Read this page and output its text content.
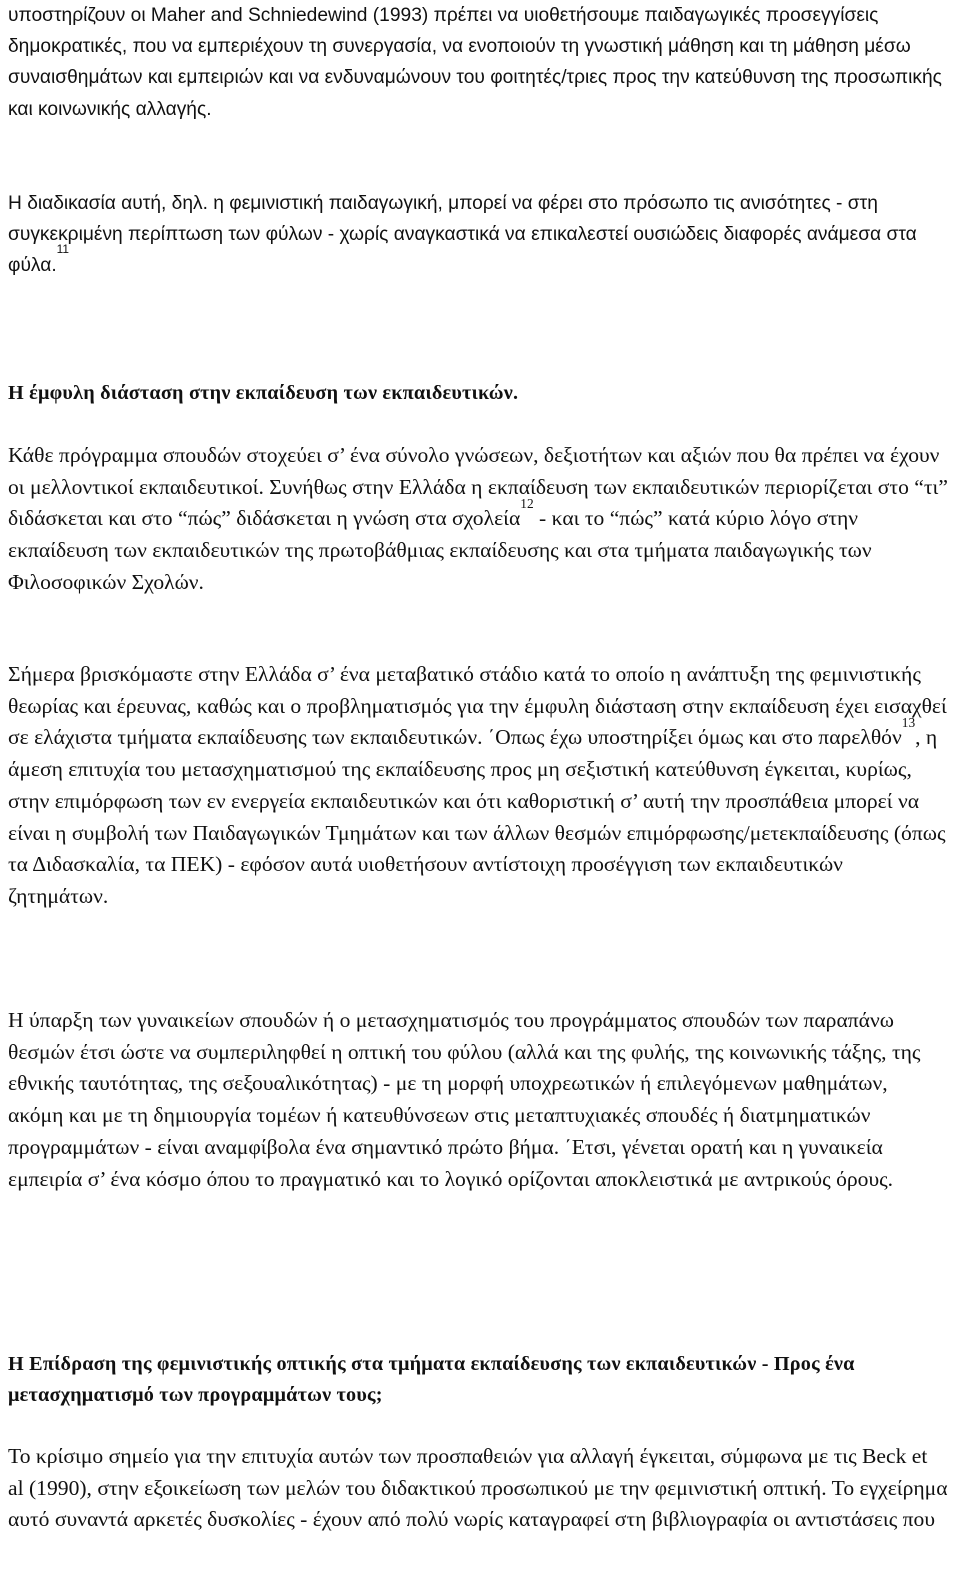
υποστηρίζουν οι Maher and Schniedewind (1993) πρέπει να υιοθετήσουμε παιδαγωγικές προσεγγίσεις δημοκρατικές, που να εμπεριέχουν τη συνεργασία, να ενοποιούν τη γνωστική μάθηση και τη μάθηση μέσω συναισθημάτων και εμπειριών και να ενδυναμώνουν του φοιτητές/τριες προς την κατεύθυνση της προσωπικής και κοινωνικής αλλαγής.

Η διαδικασία αυτή, δηλ. η φεμινιστική παιδαγωγική, μπορεί να φέρει στο πρόσωπο τις ανισότητες - στη συγκεκριμένη περίπτωση των φύλων - χωρίς αναγκαστικά να επικαλεστεί ουσιώδεις διαφορές ανάμεσα στα φύλα.$^{11}$

Η έμφυλη διάσταση στην εκπαίδευση των εκπαιδευτικών.

Κάθε πρόγραμμα σπουδών στοχεύει σ’ ένα σύνολο γνώσεων, δεξιοτήτων και αξιών που θα πρέπει να έχουν οι μελλοντικοί εκπαιδευτικοί. Συνήθως στην Ελλάδα η εκπαίδευση των εκπαιδευτικών περιορίζεται στο “τι” διδάσκεται και στο “πώς” διδάσκεται η γνώση στα σχολεία$^{12}$ - και το “πώς” κατά κύριο λόγο στην εκπαίδευση των εκπαιδευτικών της πρωτοβάθμιας εκπαίδευσης και στα τμήματα παιδαγωγικής των Φιλοσοφικών Σχολών.

Σήμερα βρισκόμαστε στην Ελλάδα σ’ ένα μεταβατικό στάδιο κατά το οποίο η ανάπτυξη της φεμινιστικής θεωρίας και έρευνας, καθώς και ο προβληματισμός για την έμφυλη διάσταση στην εκπαίδευση έχει εισαχθεί σε ελάχιστα τμήματα εκπαίδευσης των εκπαιδευτικών. ΄Οπως έχω υποστηρίξει όμως και στο παρελθόν$^{13}$, η άμεση επιτυχία του μετασχηματισμού της εκπαίδευσης προς μη σεξιστική κατεύθυνση έγκειται, κυρίως, στην επιμόρφωση των εν ενεργεία εκπαιδευτικών και ότι καθοριστική σ’ αυτή την προσπάθεια μπορεί να είναι η συμβολή των Παιδαγωγικών Τμημάτων και των άλλων θεσμών επιμόρφωσης/μετεκπαίδευσης (όπως τα Διδασκαλία, τα ΠΕΚ) - εφόσον αυτά υιοθετήσουν αντίστοιχη προσέγγιση των εκπαιδευτικών ζητημάτων.

Η ύπαρξη των γυναικείων σπουδών ή ο μετασχηματισμός του προγράμματος σπουδών των παραπάνω θεσμών έτσι ώστε να συμπεριληφθεί η οπτική του φύλου (αλλά και της φυλής, της κοινωνικής τάξης, της εθνικής ταυτότητας, της σεξουαλικότητας) - με τη μορφή υποχρεωτικών ή επιλεγόμενων μαθημάτων, ακόμη και με τη δημιουργία τομέων ή κατευθύνσεων στις μεταπτυχιακές σπουδές ή διατμηματικών προγραμμάτων - είναι αναμφίβολα ένα σημαντικό πρώτο βήμα. ΄Ετσι, γένεται ορατή και η γυναικεία εμπειρία σ’ ένα κόσμο όπου το πραγματικό και το λογικό ορίζονται αποκλειστικά με αντρικούς όρους.

Η Επίδραση της φεμινιστικής οπτικής στα τμήματα εκπαίδευσης των εκπαιδευτικών - Προς ένα μετασχηματισμό των προγραμμάτων τους;

Το κρίσιμο σημείο για την επιτυχία αυτών των προσπαθειών για αλλαγή έγκειται, σύμφωνα με τις Beck et al (1990), στην εξοικείωση των μελών του διδακτικού προσωπικού με την φεμινιστική οπτική. Το εγχείρημα αυτό συναντά αρκετές δυσκολίες - έχουν από πολύ νωρίς καταγραφεί στη βιβλιογραφία οι αντιστάσεις που
